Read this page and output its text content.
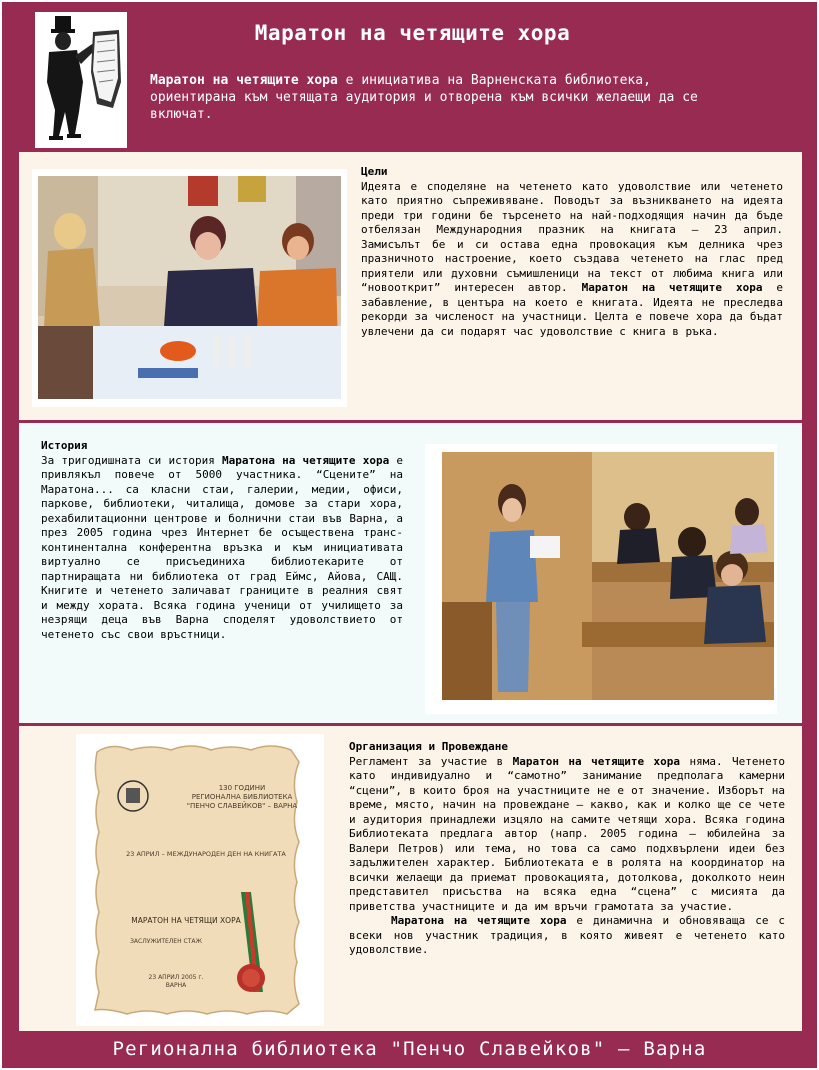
Маратон на четящите хора
Маратон на четящите хора е инициатива на Варненската библиотека, ориентирана към четящата аудитория и отворена към всички желаещи да се включат.
Цели
Идеята е споделяне на четенето като удоволствие или четенето като приятно съпреживяване. Поводът за възникването на идеята преди три години бе търсенето на най-подходящия начин да бъде отбелязан Международния празник на книгата – 23 април. Замисълът бе и си остава една провокация към делника чрез празничното настроение, което създава четенето на глас пред приятели или духовни съмишленици на текст от любима книга или “новооткрит” интересен автор. Маратон на четящите хора е забавление, в центъра на което е книгата. Идеята не преследва рекорди за численост на участници. Целта е повече хора да бъдат увлечени да си подарят час удоволствие с книга в ръка.
История
За тригодишната си история Маратона на четящите хора е привлякъл повече от 5000 участника. “Сцените” на Маратона... са класни стаи, галерии, медии, офиси, паркове, библиотеки, читалища, домове за стари хора, рехабилитационни центрове и болнични стаи във Варна, а през 2005 година чрез Интернет бе осъществена транс-континентална конферентна връзка и към инициативата виртуално се присъединиха библиотекарите от партниращата ни библиотека от град Еймс, Айова, САЩ. Книгите и четенето заличават границите в реалния свят и между хората. Всяка година ученици от училището за незрящи деца във Варна споделят удоволствието от четенето със свои връстници.
130 ГОДИНИ
РЕГИОНАЛНА БИБЛИОТЕКА
"ПЕНЧО СЛАВЕЙКОВ" – ВАРНА
23 АПРИЛ – МЕЖДУНАРОДЕН ДЕН НА КНИГАТА
МАРАТОН НА ЧЕТЯЩИ ХОРА
ЗАСЛУЖИТЕЛЕН СТАЖ
23 АПРИЛ 2005 г.
ВАРНА
Организация и Провеждане
Регламент за участие в Маратон на четящите хора няма. Четенето като индивидуално и “самотно” занимание предполага камерни “сцени”, в които броя на участниците не е от значение. Изборът на време, място, начин на провеждане – какво, как и колко ще се чете и аудитория принадлежи изцяло на самите четящи хора. Всяка година Библиотеката предлага автор (напр. 2005 година – юбилейна за Валери Петров) или тема, но това са само подхвърлени идеи без задължителен характер. Библиотеката е в ролята на координатор на всички желаещи да приемат провокацията, дотолкова, доколкото неин представител присъства на всяка една “сцена” с мисията да приветства участниците и да им връчи грамотата за участие.
Маратона на четящите хора е динамична и обновяваща се с всеки нов участник традиция, в която живеят е четенето като удоволствие.
Регионална библиотека "Пенчо Славейков" – Варна
